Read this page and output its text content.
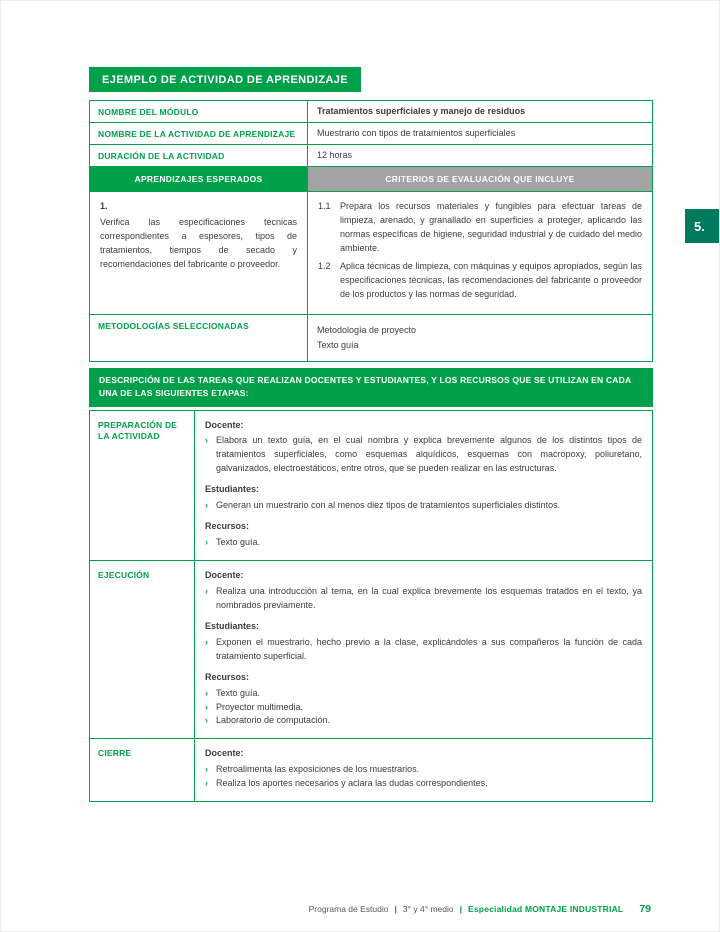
5.
EJEMPLO DE ACTIVIDAD DE APRENDIZAJE
NOMBRE DEL MÓDULO	Tratamientos superficiales y manejo de residuos
NOMBRE DE LA ACTIVIDAD DE APRENDIZAJE	Muestrario con tipos de tratamientos superficiales
DURACIÓN DE LA ACTIVIDAD	12 horas
APRENDIZAJES ESPERADOS	CRITERIOS DE EVALUACIÓN QUE INCLUYE

1.
Verifica las especificaciones técnicas correspondientes a espesores, tipos de tratamientos, tiempos de secado y recomendaciones del fabricante o proveedor.

1.1	Prepara los recursos materiales y fungibles para efectuar tareas de limpieza, arenado, y granallado en superficies a proteger, aplicando las normas específicas de higiene, seguridad industrial y de cuidado del medio ambiente.
1.2	Aplica técnicas de limpieza, con máquinas y equipos apropiados, según las especificaciones técnicas, las recomendaciones del fabricante o proveedor de los productos y las normas de seguridad.

METODOLOGÍAS SELECCIONADAS	Metodología de proyecto
Texto guía
DESCRIPCIÓN DE LAS TAREAS QUE REALIZAN DOCENTES Y ESTUDIANTES, Y LOS RECURSOS QUE SE UTILIZAN EN CADA UNA DE LAS SIGUIENTES ETAPAS:
PREPARACIÓN DE LA ACTIVIDAD	
Docente:
› Elabora un texto guía, en el cual nombra y explica brevemente algunos de los distintos tipos de tratamientos superficiales, como esquemas alquídicos, esquemas con macropoxy, poliuretano, galvanizados, electroestáticos, entre otros, que se pueden realizar en las estructuras.
Estudiantes:
› Generan un muestrario con al menos diez tipos de tratamientos superficiales distintos.
Recursos:
› Texto guía.

EJECUCIÓN	Docente:
› Realiza una introducción al tema, en la cual explica brevemente los esquemas tratados en el texto, ya nombrados previamente.
Estudiantes:
› Exponen el muestrario, hecho previo a la clase, explicándoles a sus compañeros la función de cada tratamiento superficial.
Recursos:
› Texto guía.
› Proyector multimedia.
› Laboratorio de computación.

CIERRE	Docente:
› Retroalimenta las exposiciones de los muestrarios.
› Realiza los aportes necesarios y aclara las dudas correspondientes.
Programa de Estudio | 3° y 4° medio | Especialidad MONTAJE INDUSTRIAL 79
